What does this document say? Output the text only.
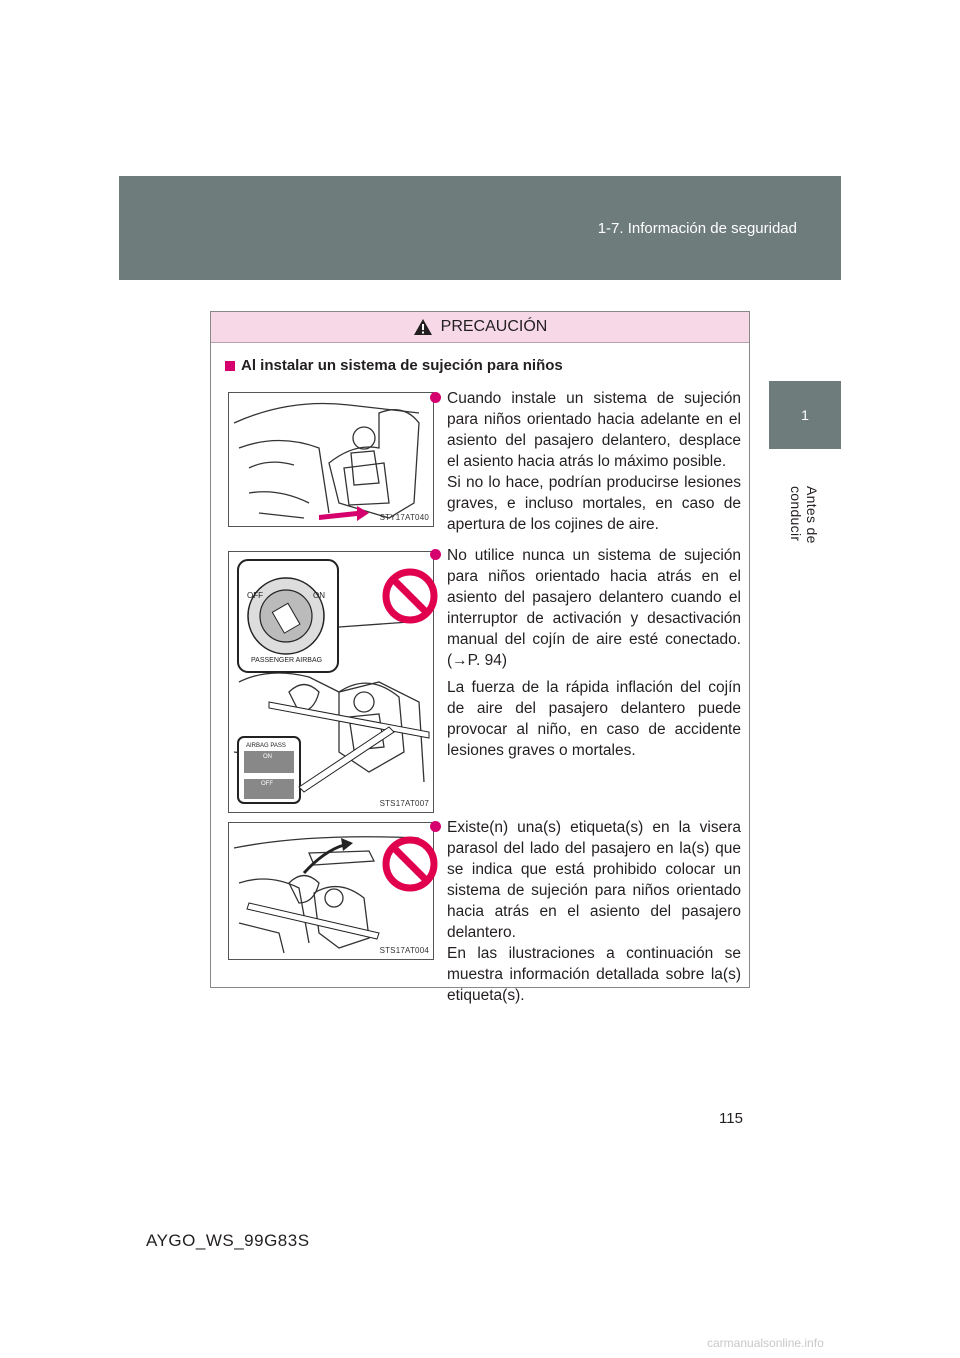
1-7. Información de seguridad
1
Antes de conducir
PRECAUCIÓN
Al instalar un sistema de sujeción para niños
STY17AT040
OFF	ON
PASSENGER AIRBAG
AIRBAG PASS
ON
OFF
STS17AT007
STS17AT004

Cuando instale un sistema de sujeción para niños orientado hacia adelante en el asiento del pasajero delantero, desplace el asiento hacia atrás lo máximo posible.

Si no lo hace, podrían producirse lesiones graves, e incluso mortales, en caso de apertura de los cojines de aire.

No utilice nunca un sistema de sujeción para niños orientado hacia atrás en el asiento del pasajero delantero cuando el interruptor de activación y desactivación manual del cojín de aire esté conectado. (→P. 94)

La fuerza de la rápida inflación del cojín de aire del pasajero delantero puede provocar al niño, en caso de accidente lesiones graves o mortales.

Existe(n) una(s) etiqueta(s) en la visera parasol del lado del pasajero en la(s) que se indica que está prohibido colocar un sistema de sujeción para niños orientado hacia atrás en el asiento del pasajero delantero.

En las ilustraciones a continuación se muestra información detallada sobre la(s) etiqueta(s).

115
AYGO_WS_99G83S
carmanualsonline.info
